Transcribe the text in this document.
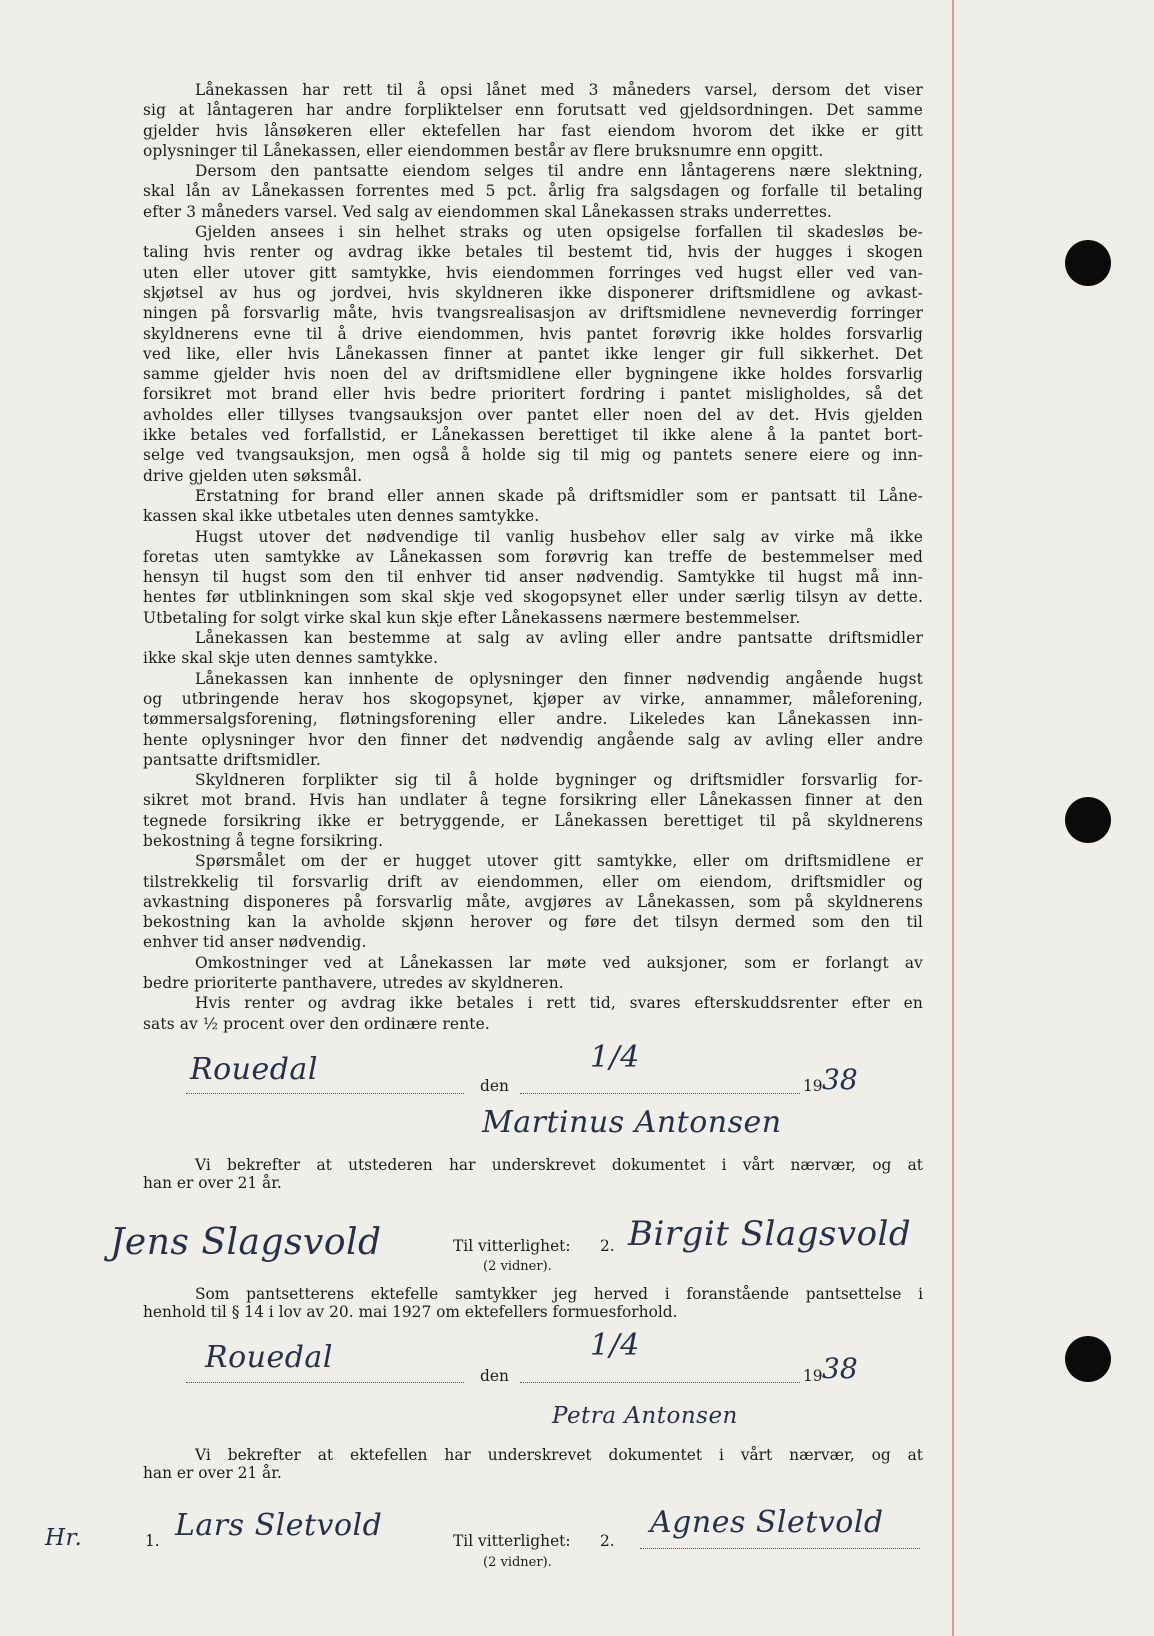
Lånekassen har rett til å opsi lånet med 3 måneders varsel, dersom det viser
sig at låntageren har andre forpliktelser enn forutsatt ved gjeldsordningen. Det samme
gjelder hvis lånsøkeren eller ektefellen har fast eiendom hvorom det ikke er gitt
oplysninger til Lånekassen, eller eiendommen består av flere bruksnumre enn opgitt.
Dersom den pantsatte eiendom selges til andre enn låntagerens nære slektning,
skal lån av Lånekassen forrentes med 5 pct. årlig fra salgsdagen og forfalle til betaling
efter 3 måneders varsel. Ved salg av eiendommen skal Lånekassen straks underrettes.
Gjelden ansees i sin helhet straks og uten opsigelse forfallen til skadesløs be-
taling hvis renter og avdrag ikke betales til bestemt tid, hvis der hugges i skogen
uten eller utover gitt samtykke, hvis eiendommen forringes ved hugst eller ved van-
skjøtsel av hus og jordvei, hvis skyldneren ikke disponerer driftsmidlene og avkast-
ningen på forsvarlig måte, hvis tvangsrealisasjon av driftsmidlene nevneverdig forringer
skyldnerens evne til å drive eiendommen, hvis pantet forøvrig ikke holdes forsvarlig
ved like, eller hvis Lånekassen finner at pantet ikke lenger gir full sikkerhet. Det
samme gjelder hvis noen del av driftsmidlene eller bygningene ikke holdes forsvarlig
forsikret mot brand eller hvis bedre prioritert fordring i pantet misligholdes, så det
avholdes eller tillyses tvangsauksjon over pantet eller noen del av det. Hvis gjelden
ikke betales ved forfallstid, er Lånekassen berettiget til ikke alene å la pantet bort-
selge ved tvangsauksjon, men også å holde sig til mig og pantets senere eiere og inn-
drive gjelden uten søksmål.
Erstatning for brand eller annen skade på driftsmidler som er pantsatt til Låne-
kassen skal ikke utbetales uten dennes samtykke.
Hugst utover det nødvendige til vanlig husbehov eller salg av virke må ikke
foretas uten samtykke av Lånekassen som forøvrig kan treffe de bestemmelser med
hensyn til hugst som den til enhver tid anser nødvendig. Samtykke til hugst må inn-
hentes før utblinkningen som skal skje ved skogopsynet eller under særlig tilsyn av dette.
Utbetaling for solgt virke skal kun skje efter Lånekassens nærmere bestemmelser.
Lånekassen kan bestemme at salg av avling eller andre pantsatte driftsmidler
ikke skal skje uten dennes samtykke.
Lånekassen kan innhente de oplysninger den finner nødvendig angående hugst
og utbringende herav hos skogopsynet, kjøper av virke, annammer, måleforening,
tømmersalgsforening, fløtningsforening eller andre. Likeledes kan Lånekassen inn-
hente oplysninger hvor den finner det nødvendig angående salg av avling eller andre
pantsatte driftsmidler.
Skyldneren forplikter sig til å holde bygninger og driftsmidler forsvarlig for-
sikret mot brand. Hvis han undlater å tegne forsikring eller Lånekassen finner at den
tegnede forsikring ikke er betryggende, er Lånekassen berettiget til på skyldnerens
bekostning å tegne forsikring.
Spørsmålet om der er hugget utover gitt samtykke, eller om driftsmidlene er
tilstrekkelig til forsvarlig drift av eiendommen, eller om eiendom, driftsmidler og
avkastning disponeres på forsvarlig måte, avgjøres av Lånekassen, som på skyldnerens
bekostning kan la avholde skjønn herover og føre det tilsyn dermed som den til
enhver tid anser nødvendig.
Omkostninger ved at Lånekassen lar møte ved auksjoner, som er forlangt av
bedre prioriterte panthavere, utredes av skyldneren.
Hvis renter og avdrag ikke betales i rett tid, svares efterskuddsrenter efter en
sats av ½ procent over den ordinære rente.
Rouedal	den
1/4
19 38
Martinus Antonsen
Vi bekrefter at utstederen har underskrevet dokumentet i vårt nærvær, og at
han er over 21 år.
Jens Slagsvold	Til vitterlighet: 2. Birgit Slagsvold
(2 vidner).
Som pantsetterens ektefelle samtykker jeg herved i foranstående pantsettelse i
henhold til § 14 i lov av 20. mai 1927 om ektefellers formuesforhold.
Rouedal
den
1/4
19 38
Petra Antonsen
Vi bekrefter at ektefellen har underskrevet dokumentet i vårt nærvær, og at
han er over 21 år.
Hr.	1. Lars Sletvold	Til vitterlighet: 2.
Agnes Sletvold
(2 vidner).
